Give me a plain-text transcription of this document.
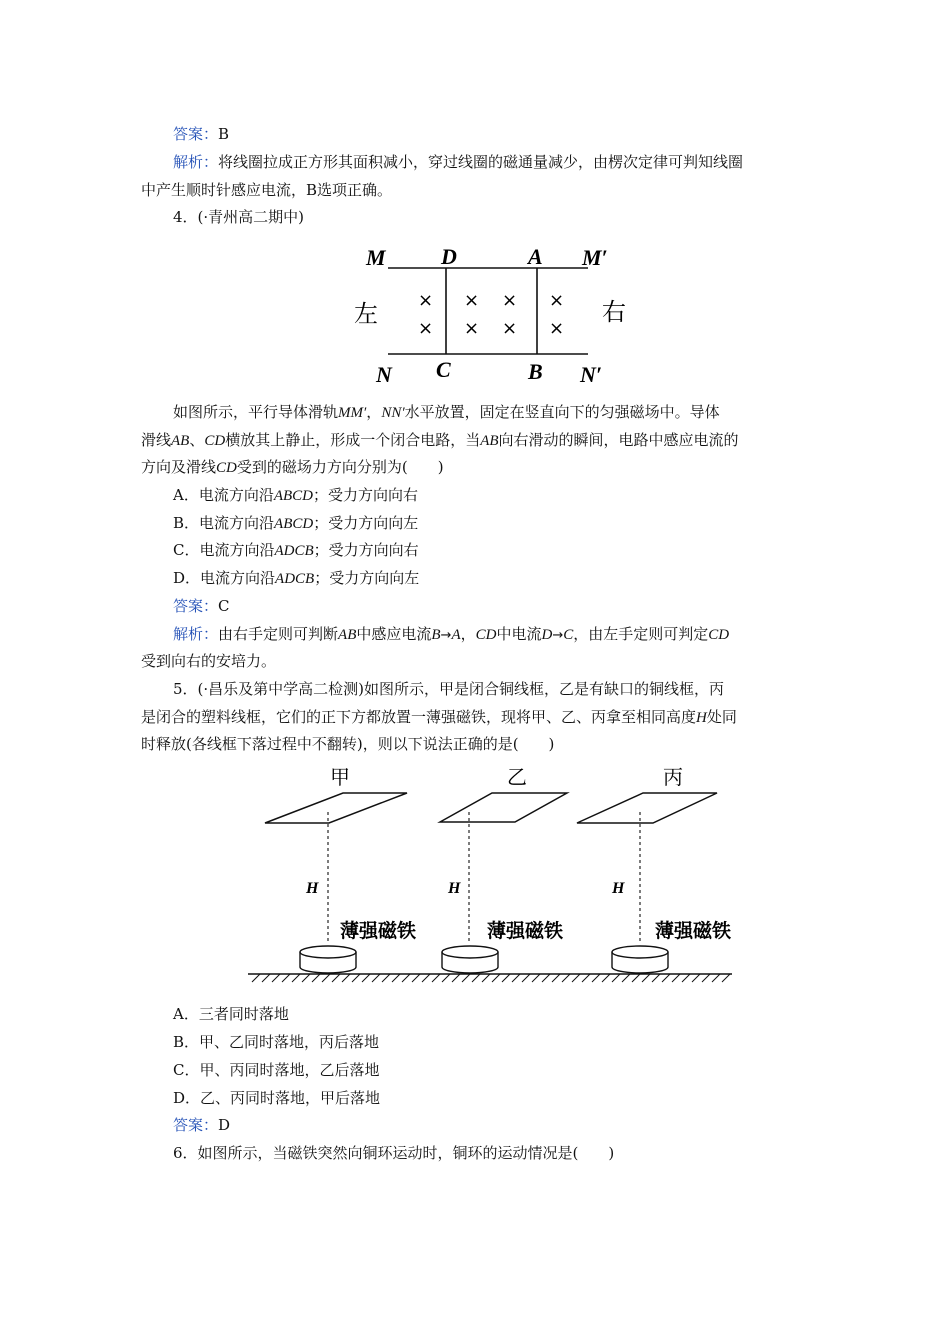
答案：B
解析：将线圈拉成正方形其面积减小，穿过线圈的磁通量减少，由楞次定律可判知线圈
中产生顺时针感应电流，B选项正确。
4．(·青州高二期中)
M	D	A M′
N C	B N′
左	右
×
×
×
×
×
×
×
×
如图所示，平行导体滑轨MM′，NN′水平放置，固定在竖直向下的匀强磁场中。导体
滑线AB、CD横放其上静止，形成一个闭合电路，当AB向右滑动的瞬间，电路中感应电流的
方向及滑线CD受到的磁场力方向分别为(　　)
A．电流方向沿ABCD；受力方向向右
B．电流方向沿ABCD；受力方向向左
C．电流方向沿ADCB；受力方向向右
D．电流方向沿ADCB；受力方向向左
答案：C
解析：由右手定则可判断AB中感应电流B→A，CD中电流D→C，由左手定则可判定CD
受到向右的安培力。
5．(·昌乐及第中学高二检测)如图所示，甲是闭合铜线框，乙是有缺口的铜线框，丙
是闭合的塑料线框，它们的正下方都放置一薄强磁铁，现将甲、乙、丙拿至相同高度H处同
时释放(各线框下落过程中不翻转)，则以下说法正确的是(　　)
甲	乙	丙
H	H	H
薄强磁铁	薄强磁铁	薄强磁铁
A．三者同时落地
B．甲、乙同时落地，丙后落地
C．甲、丙同时落地，乙后落地
D．乙、丙同时落地，甲后落地
答案：D
6．如图所示，当磁铁突然向铜环运动时，铜环的运动情况是(　　)
